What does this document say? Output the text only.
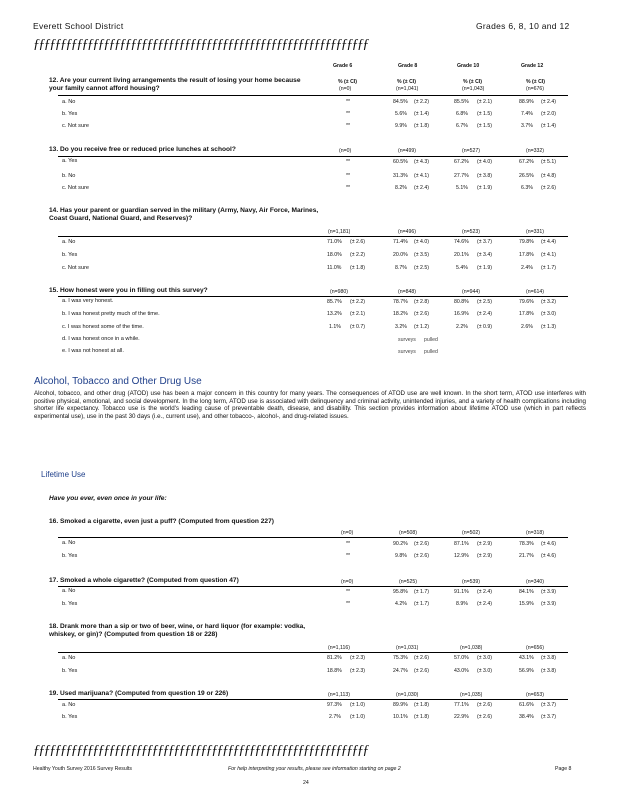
Everett School District	Grades 6, 8, 10 and 12
ƒƒƒƒƒƒƒƒƒƒƒƒƒƒƒƒƒƒƒƒƒƒƒƒƒƒƒƒƒƒƒƒƒƒƒƒƒƒƒƒƒƒƒƒƒƒƒƒƒƒƒƒƒƒƒƒƒƒƒƒƒƒ
Grade 6	Grade 8	Grade 10	Grade 12
12. Are your current living arrangements the result of losing your home because your family cannot afford housing?
% (± CI)	% (± CI)	% (± CI)	% (± CI)
(n=0)	(n=1,041)	(n=1,043)	(n=676)
a. No	**	84.5% (± 2.2)	85.5% (± 2.1)	88.9% (± 2.4)
b. Yes	**	5.6% (± 1.4)	6.8% (± 1.5)	7.4% (± 2.0)
c. Not sure	**	9.9% (± 1.8)	6.7% (± 1.5)	3.7% (± 1.4)
13. Do you receive free or reduced price lunches at school?	(n=0)	(n=499)	(n=527)	(n=332)
a. Yes	**	60.5% (± 4.3)	67.2% (± 4.0)	67.2% (± 5.1)
b. No	**	31.3% (± 4.1)	27.7% (± 3.8)	26.5% (± 4.8)
c. Not sure	**	8.2% (± 2.4)	5.1% (± 1.9)	6.3% (± 2.6)
14. Has your parent or guardian served in the military (Army, Navy, Air Force, Marines, Coast Guard, National Guard, and Reserves)?
(n=1,181)	(n=496)	(n=523)	(n=331)
a. No	71.0% (± 2.6)	71.4% (± 4.0)	74.6% (± 3.7)	79.8% (± 4.4)
b. Yes	18.0% (± 2.2)	20.0% (± 3.5)	20.1% (± 3.4)	17.8% (± 4.1)
c. Not sure	11.0% (± 1.8)	8.7% (± 2.5)	5.4% (± 1.9)	2.4% (± 1.7)
15. How honest were you in filling out this survey?	(n=980)	(n=848)	(n=944)	(n=614)
a. I was very honest.	85.7% (± 2.2)	78.7% (± 2.8)	80.8% (± 2.5)	79.6% (± 3.2)
b. I was honest pretty much of the time.	13.2% (± 2.1)	18.2% (± 2.6)	16.9% (± 2.4)	17.8% (± 3.0)
c. I was honest some of the time.	1.1% (± 0.7)	3.2% (± 1.2)	2.2% (± 0.9)	2.6% (± 1.3)
d. I was honest once in a while.	surveys pulled
e. I was not honest at all.	surveys pulled
Alcohol, Tobacco and Other Drug Use
Alcohol, tobacco, and other drug (ATOD) use has been a major concern in this country for many years. The consequences of ATOD use are well known. In the short term, ATOD use interferes with positive physical, emotional, and social development. In the long term, ATOD use is associated with delinquency and criminal activity, unintended injuries, and a variety of health complications including shorter life expectancy. Tobacco use is the world's leading cause of preventable death, disease, and disability. This section provides information about lifetime ATOD use (which in part reflects experimental use), use in the past 30 days (i.e., current use), and other tobacco-, alcohol-, and drug-related issues.
Lifetime Use
Have you ever, even once in your life:
16. Smoked a cigarette, even just a puff? (Computed from question 227)
(n=0)	(n=508)	(n=502)	(n=318)
a. No	**	90.2% (± 2.6)	87.1% (± 2.9)	78.3% (± 4.6)
b. Yes	**	9.8% (± 2.6)	12.9% (± 2.9)	21.7% (± 4.6)
17. Smoked a whole cigarette? (Computed from question 47)	(n=0)	(n=525)	(n=539)	(n=340)
a. No	**	95.8% (± 1.7)	91.1% (± 2.4)	84.1% (± 3.9)
b. Yes	**	4.2% (± 1.7)	8.9% (± 2.4)	15.9% (± 3.9)
18. Drank more than a sip or two of beer, wine, or hard liquor (for example: vodka, whiskey, or gin)? (Computed from question 18 or 228)
(n=1,116)	(n=1,031)	(n=1,038)	(n=656)
a. No	81.2% (± 2.3)	75.3% (± 2.6)	57.0% (± 3.0)	43.1% (± 3.8)
b. Yes	18.8% (± 2.3)	24.7% (± 2.6)	43.0% (± 3.0)	56.9% (± 3.8)
19. Used marijuana? (Computed from question 19 or 226)	(n=1,113)	(n=1,030)	(n=1,035)	(n=653)
a. No	97.3% (± 1.0)	89.9% (± 1.8)	77.1% (± 2.6)	61.6% (± 3.7)
b. Yes	2.7% (± 1.0)	10.1% (± 1.8)	22.9% (± 2.6)	38.4% (± 3.7)
ƒƒƒƒƒƒƒƒƒƒƒƒƒƒƒƒƒƒƒƒƒƒƒƒƒƒƒƒƒƒƒƒƒƒƒƒƒƒƒƒƒƒƒƒƒƒƒƒƒƒƒƒƒƒƒƒƒƒƒƒƒƒ
Healthy Youth Survey 2016 Survey Results	For help interpreting your results, please see information starting on page 2	Page 8
24
